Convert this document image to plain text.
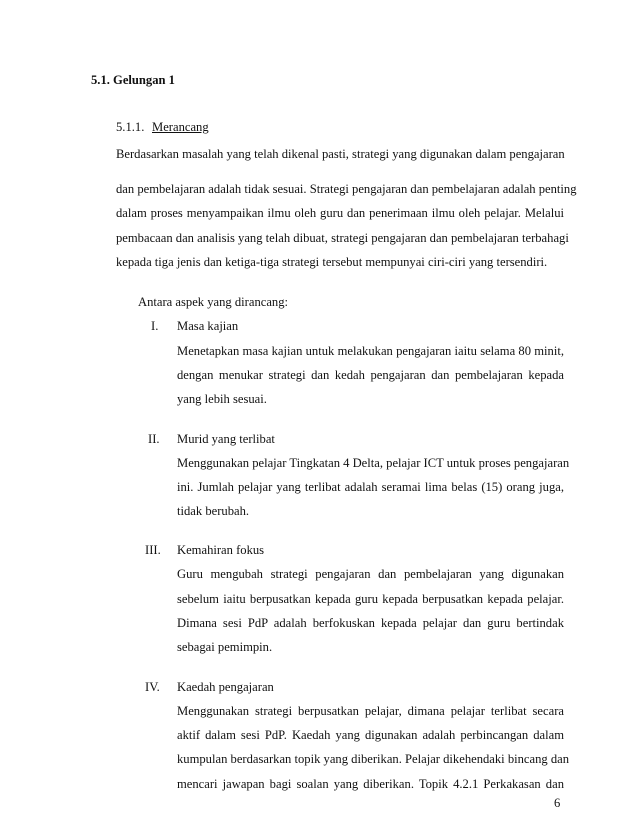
5.1. Gelungan 1
5.1.1. Merancang
Berdasarkan masalah yang telah dikenal pasti, strategi yang digunakan dalam pengajaran
dan pembelajaran adalah tidak sesuai. Strategi pengajaran dan pembelajaran adalah penting
dalam proses menyampaikan ilmu oleh guru dan penerimaan ilmu oleh pelajar. Melalui
pembacaan dan analisis yang telah dibuat, strategi pengajaran dan pembelajaran terbahagi
kepada tiga jenis dan ketiga-tiga strategi tersebut mempunyai ciri-ciri yang tersendiri.
Antara aspek yang dirancang:
I. Masa kajian
Menetapkan masa kajian untuk melakukan pengajaran iaitu selama 80 minit,
dengan menukar strategi dan kedah pengajaran dan pembelajaran kepada
yang lebih sesuai.
II. Murid yang terlibat
Menggunakan pelajar Tingkatan 4 Delta, pelajar ICT untuk proses pengajaran
ini. Jumlah pelajar yang terlibat adalah seramai lima belas (15) orang juga,
tidak berubah.
III. Kemahiran fokus
Guru mengubah strategi pengajaran dan pembelajaran yang digunakan
sebelum iaitu berpusatkan kepada guru kepada berpusatkan kepada pelajar.
Dimana sesi PdP adalah berfokuskan kepada pelajar dan guru bertindak
sebagai pemimpin.
IV. Kaedah pengajaran
Menggunakan strategi berpusatkan pelajar, dimana pelajar terlibat secara
aktif dalam sesi PdP. Kaedah yang digunakan adalah perbincangan dalam
kumpulan berdasarkan topik yang diberikan. Pelajar dikehendaki bincang dan
mencari jawapan bagi soalan yang diberikan. Topik 4.2.1 Perkakasan dan
6
